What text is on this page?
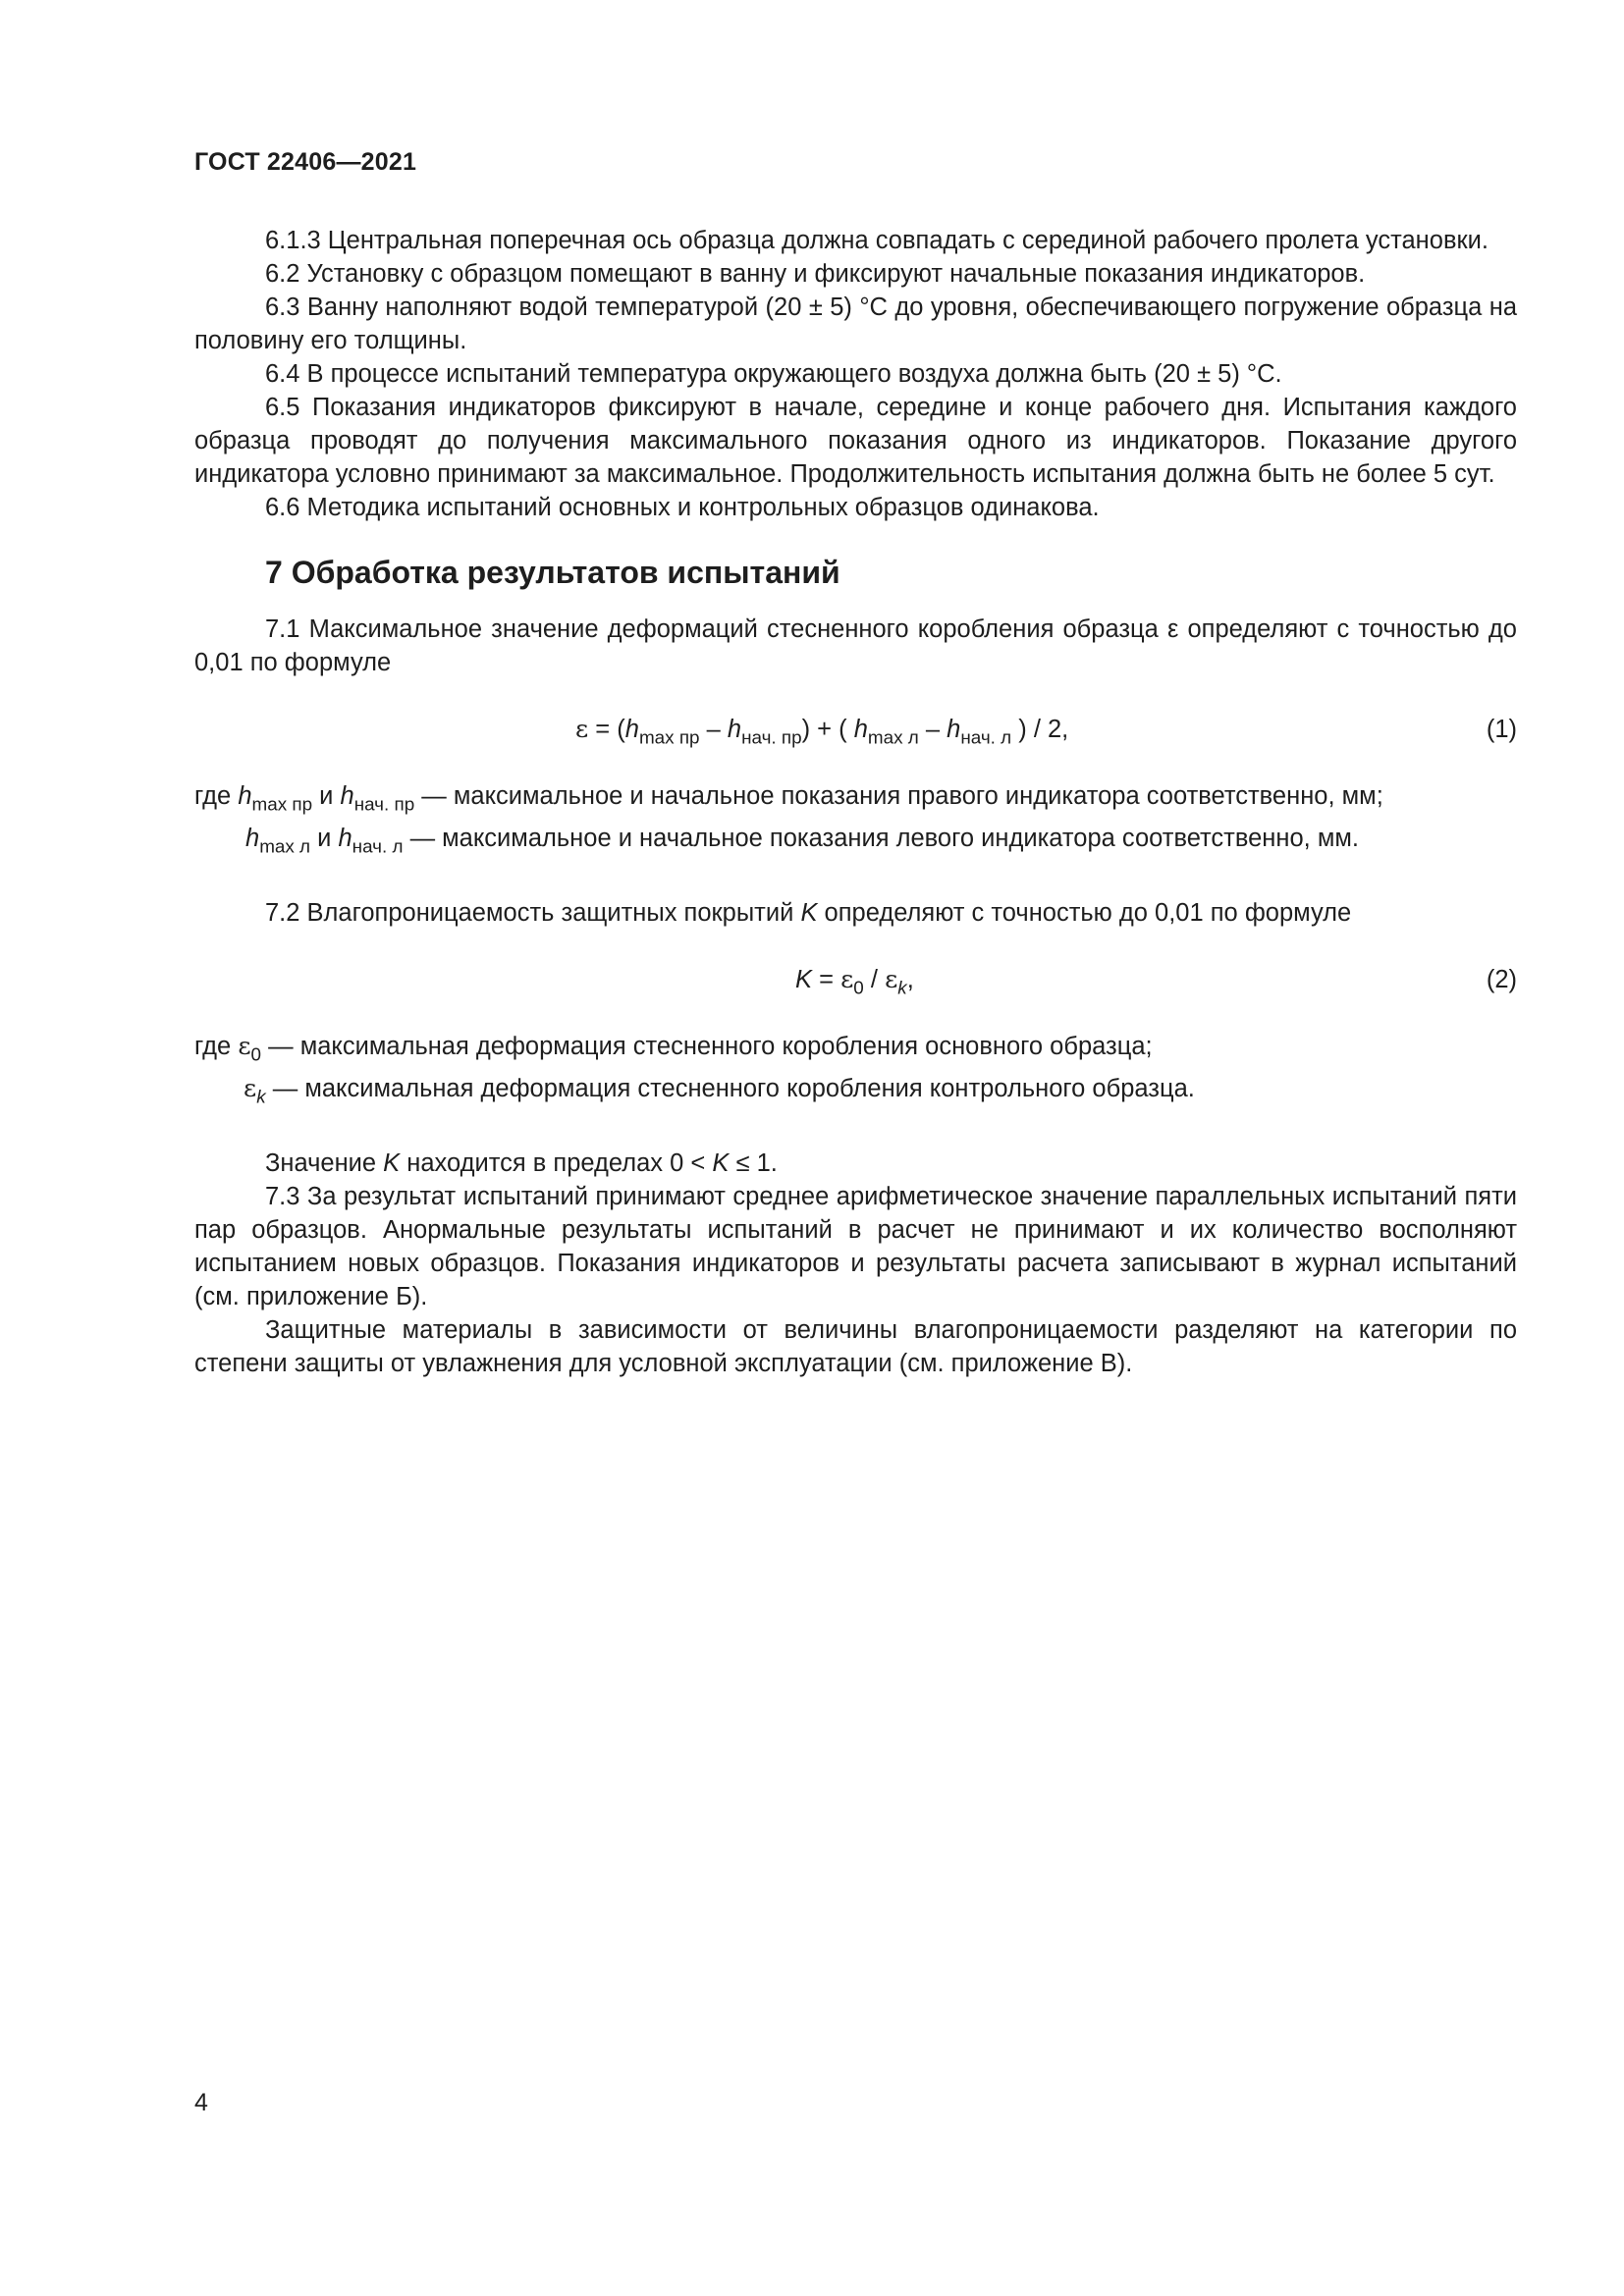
ГОСТ 22406—2021

6.1.3 Центральная поперечная ось образца должна совпадать с серединой рабочего пролета установки.

6.2 Установку с образцом помещают в ванну и фиксируют начальные показания индикаторов.

6.3 Ванну наполняют водой температурой (20 ± 5) °С до уровня, обеспечивающего погружение образца на половину его толщины.

6.4 В процессе испытаний температура окружающего воздуха должна быть (20 ± 5) °С.

6.5 Показания индикаторов фиксируют в начале, середине и конце рабочего дня. Испытания каждого образца проводят до получения максимального показания одного из индикаторов. Показание другого индикатора условно принимают за максимальное. Продолжительность испытания должна быть не более 5 сут.

6.6 Методика испытаний основных и контрольных образцов одинакова.

7 Обработка результатов испытаний

7.1 Максимальное значение деформаций стесненного коробления образца ε определяют с точностью до 0,01 по формуле

$\varepsilon = (h_{max пр} - h_{нач. пр})$ + ( $h_{max л} - h_{нач. л}$ ) / 2,	(1)

где $h_{max пр}$ и $h_{нач. пр}$ — максимальное и начальное показания правого индикатора соответственно, мм;

$h_{max л}$ и $h_{нач. л}$ — максимальное и начальное показания левого индикатора соответственно, мм.

7.2 Влагопроницаемость защитных покрытий K определяют с точностью до 0,01 по формуле

$K = \varepsilon_0 / \varepsilon_k$,	(2)

где $\varepsilon_0$ — максимальная деформация стесненного коробления основного образца;

$\varepsilon_k$ — максимальная деформация стесненного коробления контрольного образца.

Значение K находится в пределах 0 < K ≤ 1.

7.3 За результат испытаний принимают среднее арифметическое значение параллельных испытаний пяти пар образцов. Анормальные результаты испытаний в расчет не принимают и их количество восполняют испытанием новых образцов. Показания индикаторов и результаты расчета записывают в журнал испытаний (см. приложение Б).

Защитные материалы в зависимости от величины влагопроницаемости разделяют на категории по степени защиты от увлажнения для условной эксплуатации (см. приложение В).

4
